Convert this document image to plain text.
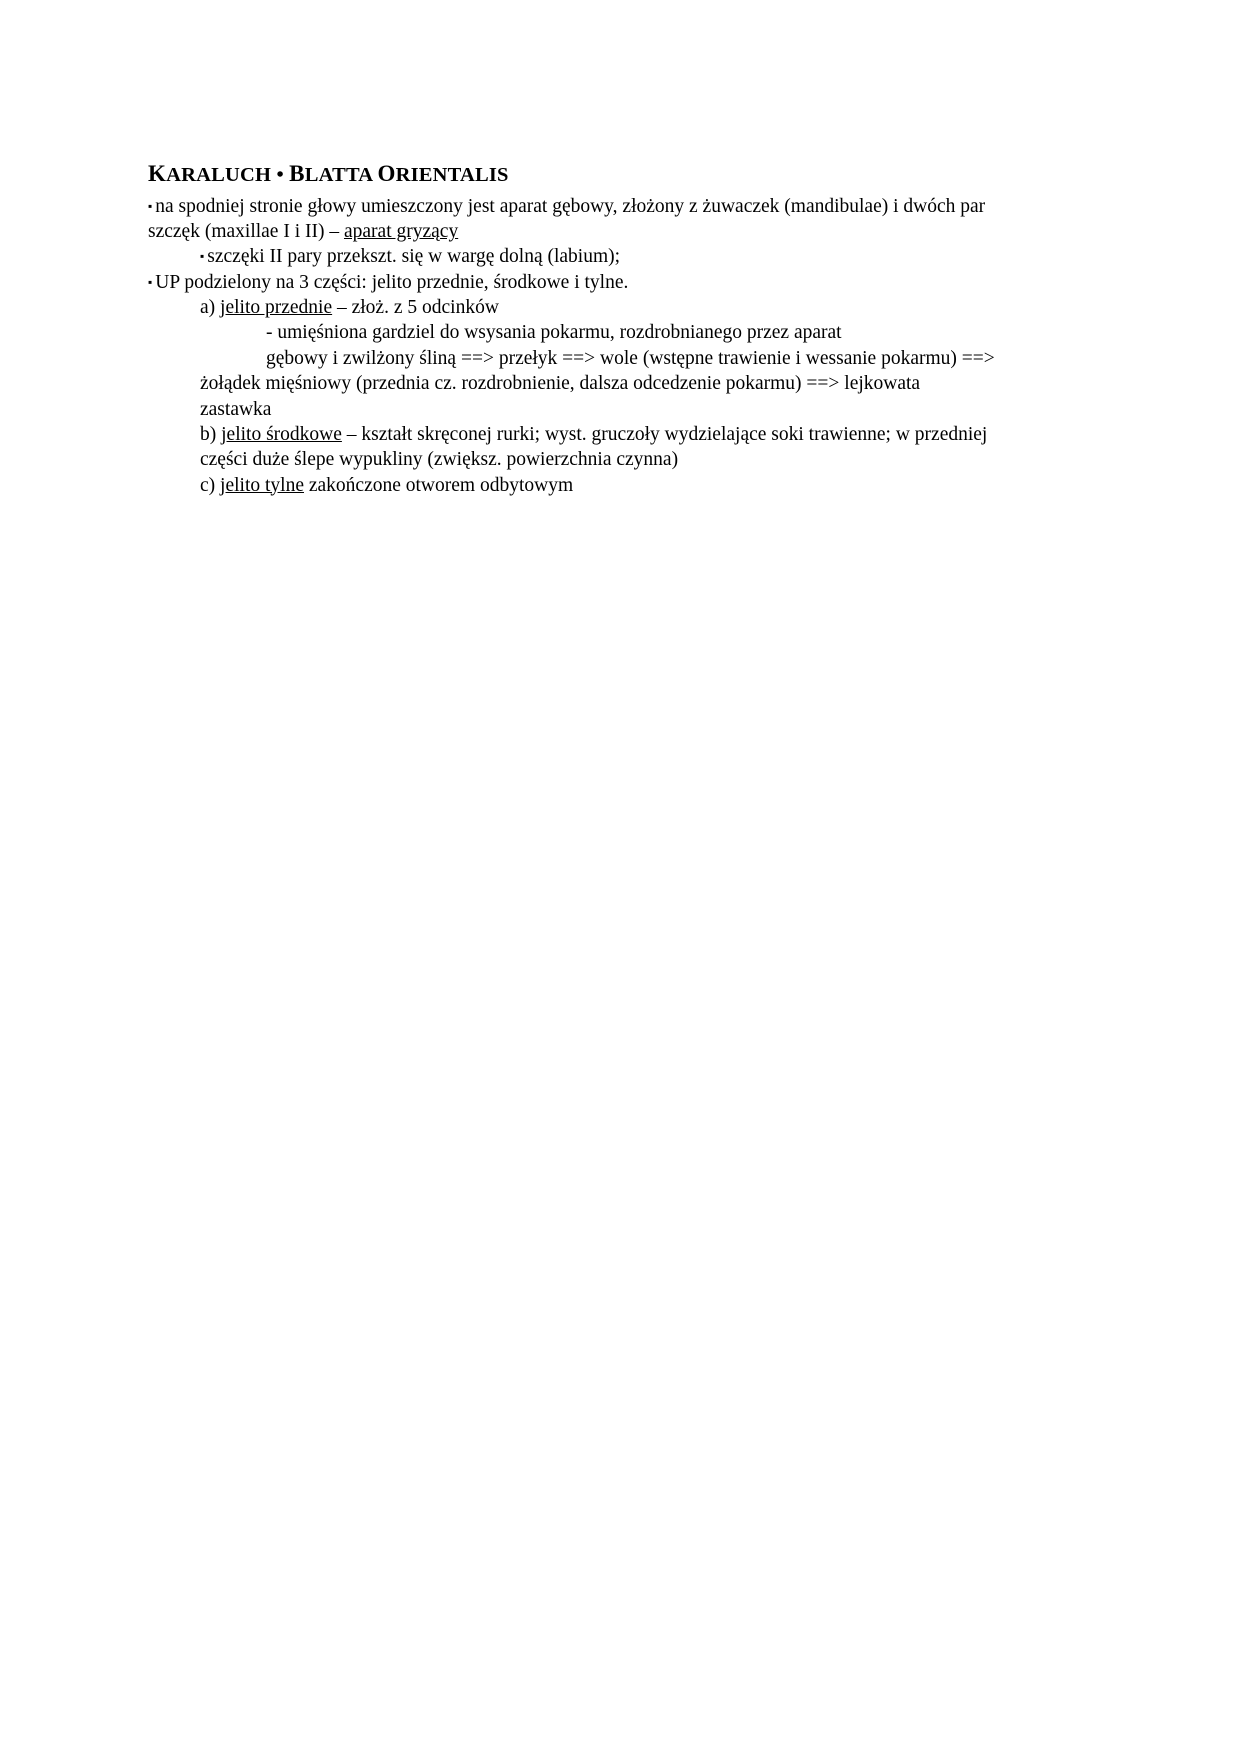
KARALUCH • BLATTA ORIENTALIS

▪ na spodniej stronie głowy umieszczony jest aparat gębowy, złożony z żuwaczek (mandibulae) i dwóch par

szczęk (maxillae I i II) – aparat gryzący

▪ szczęki II pary przekszt. się w wargę dolną (labium);

▪ UP podzielony na 3 części: jelito przednie, środkowe i tylne.

a) jelito przednie – złoż. z 5 odcinków

- umięśniona gardziel do wsysania pokarmu, rozdrobnianego przez aparat

gębowy i zwilżony śliną ==> przełyk ==> wole (wstępne trawienie i wessanie pokarmu) ==>

żołądek mięśniowy (przednia cz. rozdrobnienie, dalsza odcedzenie pokarmu) ==> lejkowata

zastawka

b) jelito środkowe – kształt skręconej rurki; wyst. gruczoły wydzielające soki trawienne; w przedniej

części duże ślepe wypukliny (zwiększ. powierzchnia czynna)

c) jelito tylne zakończone otworem odbytowym
